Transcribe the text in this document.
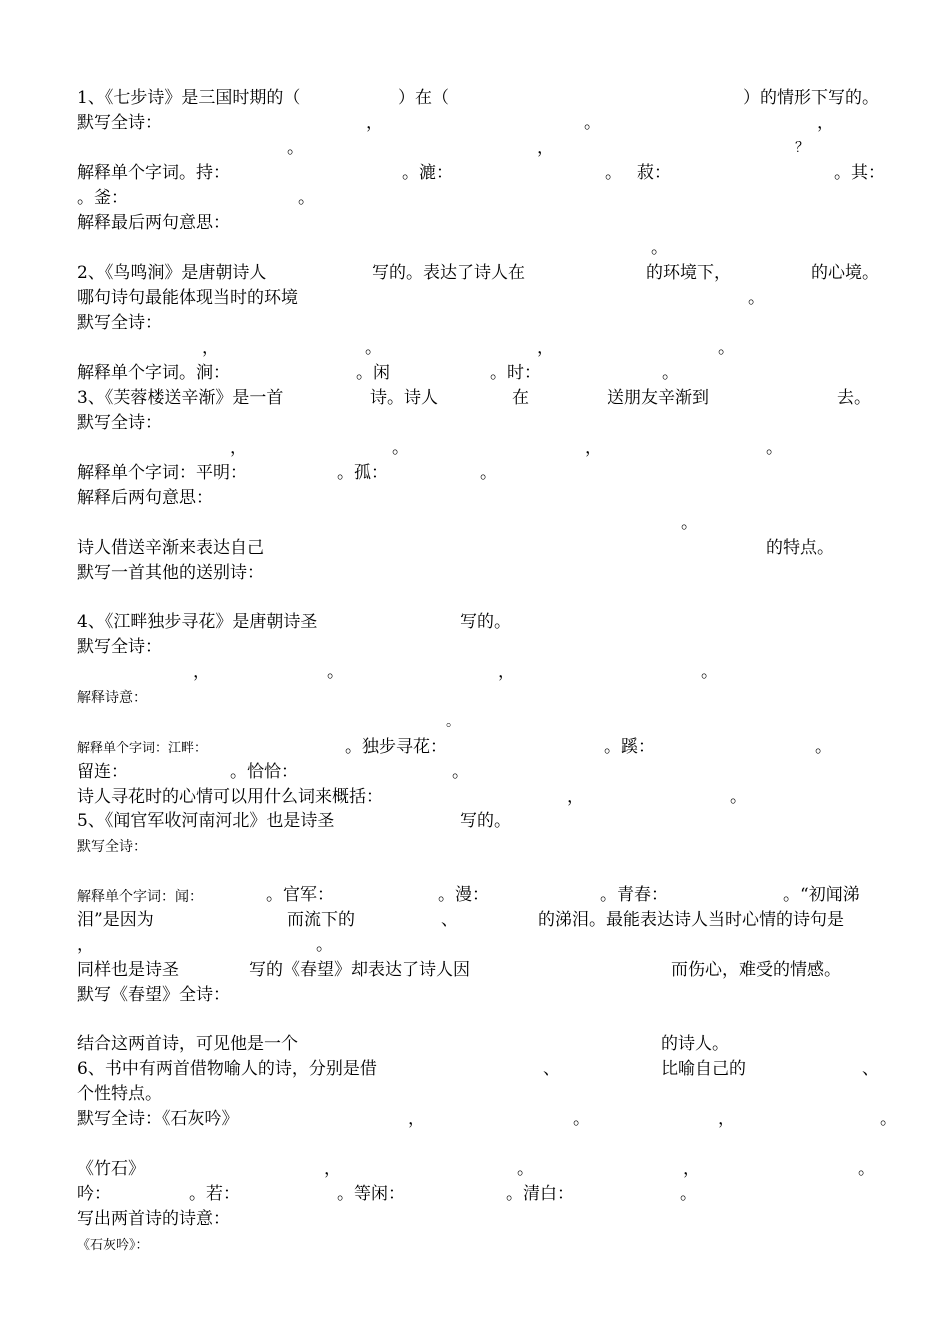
1、《七步诗》是三国时期的（	）在（	）的情形下写的。
默写全诗：	，	。	，
。	，	？
解释单个字词。持：	。漉：	。 菽：	。其：
。釜：	。
解释最后两句意思：
。
2、《鸟鸣涧》是唐朝诗人	写的。表达了诗人在	的环境下，	的心境。
哪句诗句最能体现当时的环境	。
默写全诗：
，	。	，	。
解释单个字词。涧：	。闲	。时：	。
3、《芙蓉楼送辛渐》是一首	诗。诗人	在	送朋友辛渐到	去。
默写全诗：
，	。	，	。
解释单个字词：平明：	。孤：	。
解释后两句意思：
。
诗人借送辛渐来表达自己	的特点。
默写一首其他的送别诗：
4、《江畔独步寻花》是唐朝诗圣	写的。
默写全诗：
，	。	，	。
解释诗意：
。
解释单个字词：江畔：	。独步寻花：	。蹊：	。
留连：	。恰恰：	。
诗人寻花时的心情可以用什么词来概括：	，	。
5、《闻官军收河南河北》也是诗圣	写的。
默写全诗：
解释单个字词：闻：	。官军：	。漫：	。青春：	。“初闻涕
泪”是因为	而流下的	、	的涕泪。最能表达诗人当时心情的诗句是
，	。
同样也是诗圣	写的《春望》却表达了诗人因	而伤心，难受的情感。
默写《春望》全诗：
结合这两首诗，可见他是一个	的诗人。
6、书中有两首借物喻人的诗，分别是借	、	比喻自己的	、
个性特点。
默写全诗：《石灰吟》	，	。	，	。
《竹石》	，	。	，	。
吟：	。若：	。等闲：	。清白：	。
写出两首诗的诗意：
《石灰吟》：
